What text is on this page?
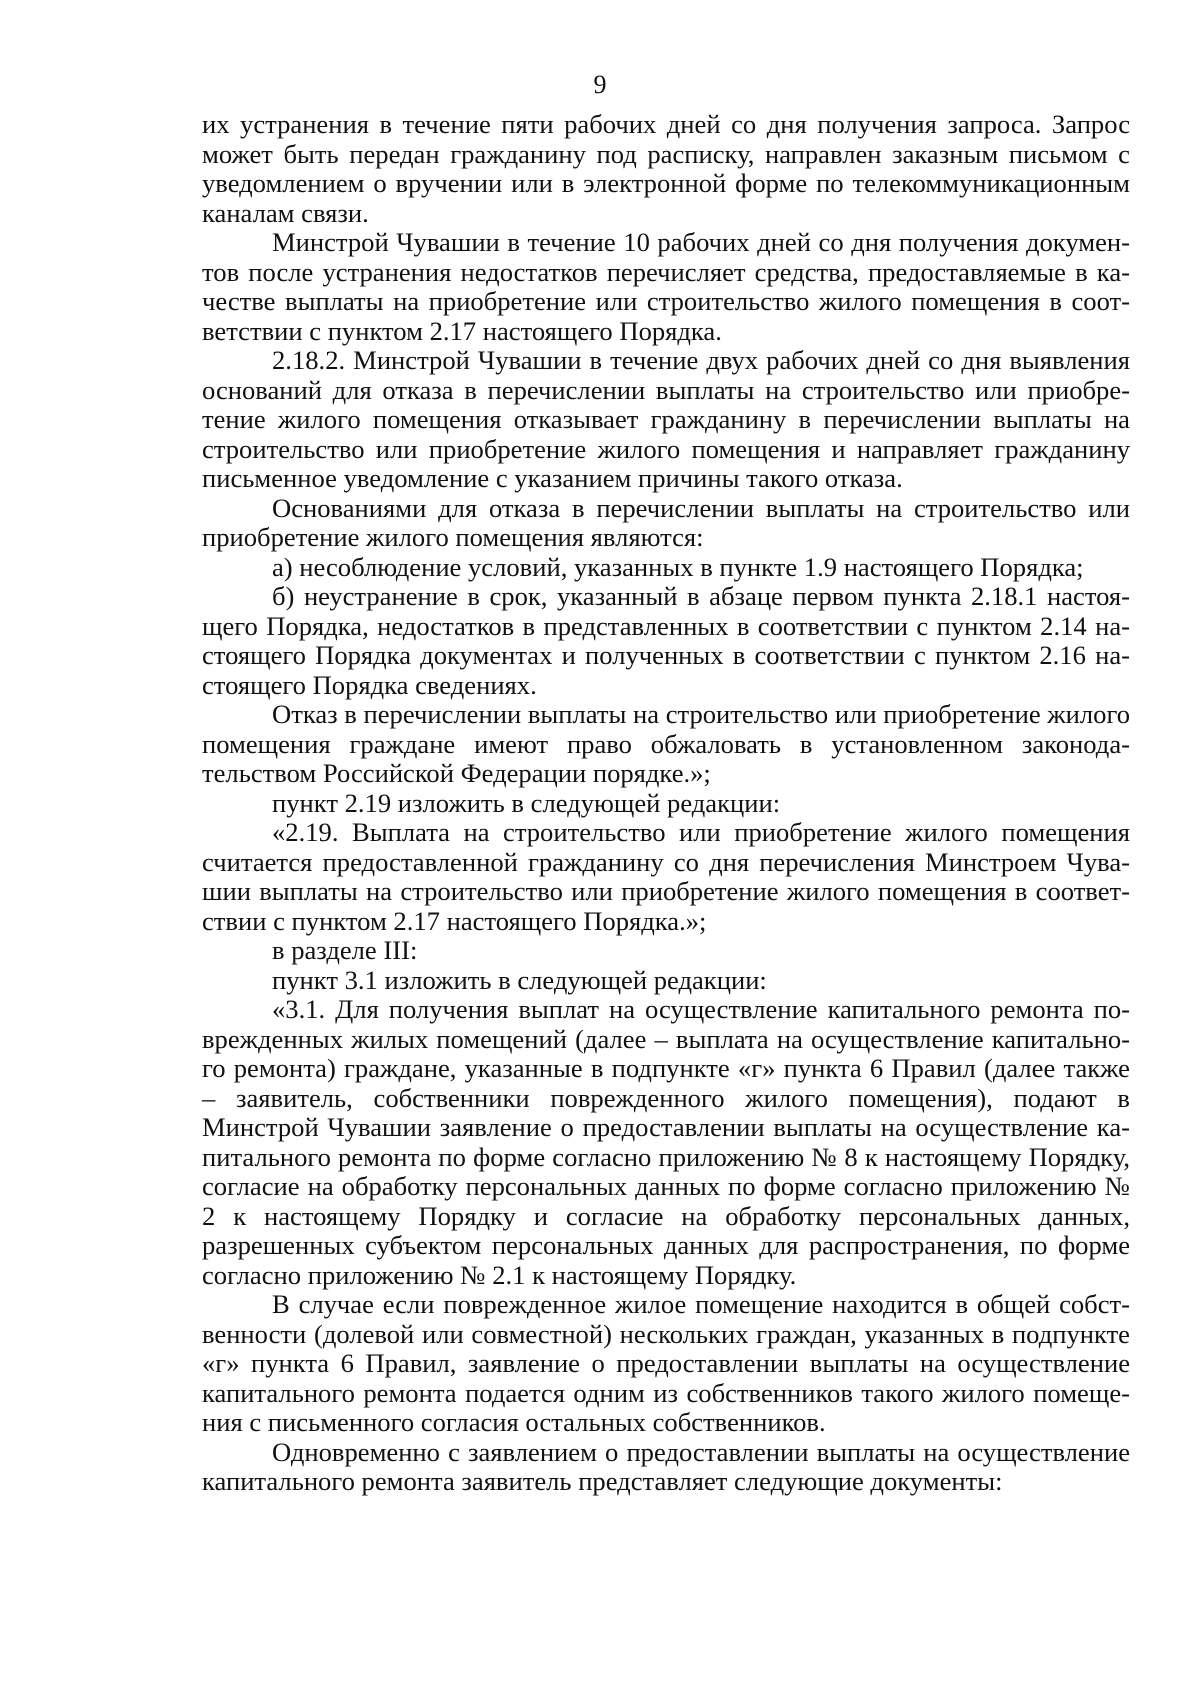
9

их устранения в течение пяти рабочих дней со дня получения запроса. Запрос может быть передан гражданину под расписку, направлен заказным письмом с уведомлением о вручении или в электронной форме по телекоммуникационным каналам связи.

Минстрой Чувашии в течение 10 рабочих дней со дня получения документов после устранения недостатков перечисляет средства, предоставляемые в качестве выплаты на приобретение или строительство жилого помещения в соответствии с пунктом 2.17 настоящего Порядка.

2.18.2. Минстрой Чувашии в течение двух рабочих дней со дня выявления оснований для отказа в перечислении выплаты на строительство или приобретение жилого помещения отказывает гражданину в перечислении выплаты на строительство или приобретение жилого помещения и направляет гражданину письменное уведомление с указанием причины такого отказа.

Основаниями для отказа в перечислении выплаты на строительство или приобретение жилого помещения являются:

а) несоблюдение условий, указанных в пункте 1.9 настоящего Порядка;

б) неустранение в срок, указанный в абзаце первом пункта 2.18.1 настоящего Порядка, недостатков в представленных в соответствии с пунктом 2.14 настоящего Порядка документах и полученных в соответствии с пунктом 2.16 настоящего Порядка сведениях.

Отказ в перечислении выплаты на строительство или приобретение жилого помещения граждане имеют право обжаловать в установленном законодательством Российской Федерации порядке.»;

пункт 2.19 изложить в следующей редакции:

«2.19. Выплата на строительство или приобретение жилого помещения считается предоставленной гражданину со дня перечисления Минстроем Чувашии выплаты на строительство или приобретение жилого помещения в соответствии с пунктом 2.17 настоящего Порядка.»;

в разделе III:

пункт 3.1 изложить в следующей редакции:

«3.1. Для получения выплат на осуществление капитального ремонта поврежденных жилых помещений (далее – выплата на осуществление капитального ремонта) граждане, указанные в подпункте «г» пункта 6 Правил (далее также – заявитель, собственники поврежденного жилого помещения), подают в Минстрой Чувашии заявление о предоставлении выплаты на осуществление капитального ремонта по форме согласно приложению № 8 к настоящему Порядку, согласие на обработку персональных данных по форме согласно приложению № 2 к настоящему Порядку и согласие на обработку персональных данных, разрешенных субъектом персональных данных для распространения, по форме согласно приложению № 2.1 к настоящему Порядку.

В случае если поврежденное жилое помещение находится в общей собственности (долевой или совместной) нескольких граждан, указанных в подпункте «г» пункта 6 Правил, заявление о предоставлении выплаты на осуществление капитального ремонта подается одним из собственников такого жилого помещения с письменного согласия остальных собственников.

Одновременно с заявлением о предоставлении выплаты на осуществление капитального ремонта заявитель представляет следующие документы:
